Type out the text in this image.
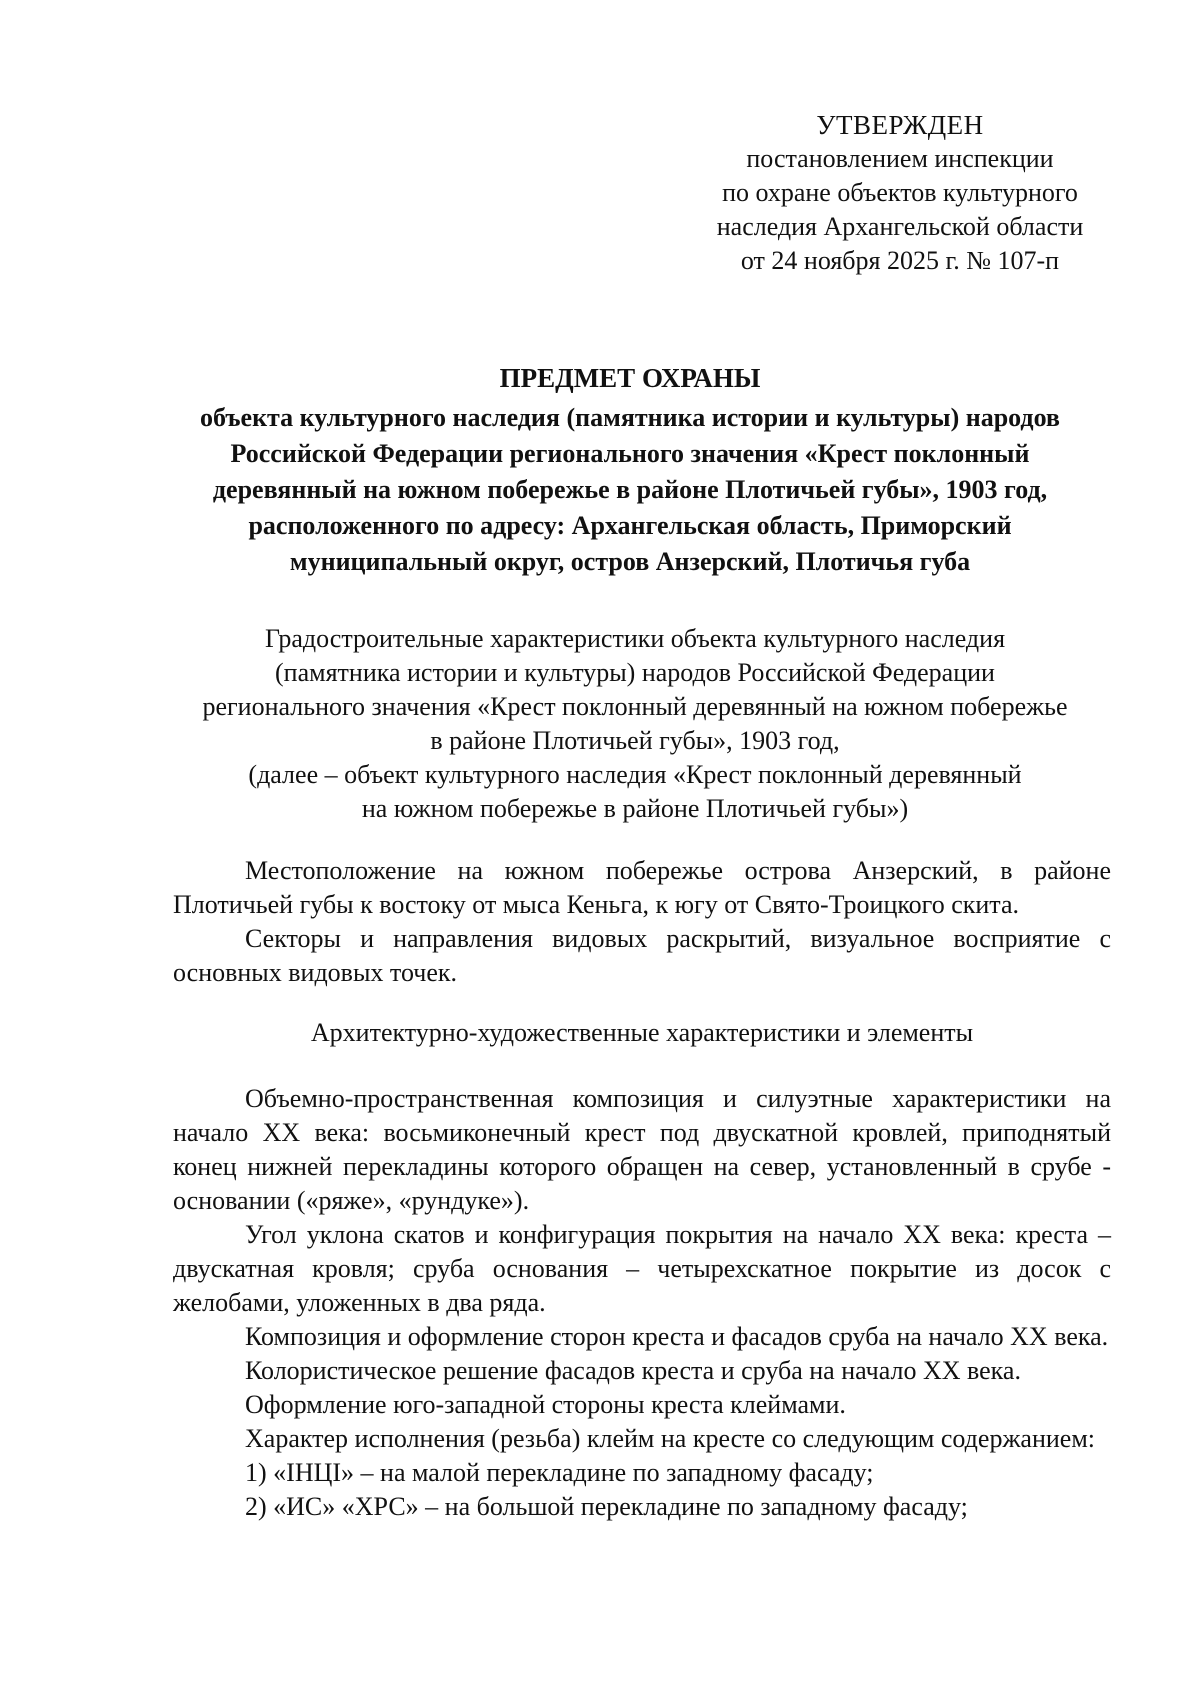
УТВЕРЖДЕН
постановлением инспекции
по охране объектов культурного
наследия Архангельской области
от 24 ноября 2025 г. № 107-п
ПРЕДМЕТ ОХРАНЫ
объекта культурного наследия (памятника истории и культуры) народов
Российской Федерации регионального значения «Крест поклонный
деревянный на южном побережье в районе Плотичьей губы», 1903 год,
расположенного по адресу: Архангельская область, Приморский
муниципальный округ, остров Анзерский, Плотичья губа
Градостроительные характеристики объекта культурного наследия
(памятника истории и культуры) народов Российской Федерации
регионального значения «Крест поклонный деревянный на южном побережье
в районе Плотичьей губы», 1903 год,
(далее – объект культурного наследия «Крест поклонный деревянный
на южном побережье в районе Плотичьей губы»)

Местоположение на южном побережье острова Анзерский, в районе Плотичьей губы к востоку от мыса Кеньга, к югу от Свято-Троицкого скита.

Секторы и направления видовых раскрытий, визуальное восприятие с основных видовых точек.

Архитектурно-художественные характеристики и элементы

Объемно-пространственная композиция и силуэтные характеристики на начало XX века: восьмиконечный крест под двускатной кровлей, приподнятый конец нижней перекладины которого обращен на север, установленный в срубе - основании («ряже», «рундуке»).

Угол уклона скатов и конфигурация покрытия на начало XX века: креста – двускатная кровля; сруба основания – четырехскатное покрытие из досок с желобами, уложенных в два ряда.

Композиция и оформление сторон креста и фасадов сруба на начало XX века.

Колористическое решение фасадов креста и сруба на начало XX века.

Оформление юго-западной стороны креста клеймами.

Характер исполнения (резьба) клейм на кресте со следующим содержанием:

1) «ІНЦІ» – на малой перекладине по западному фасаду;

2) «ИС» «ХРС» – на большой перекладине по западному фасаду;
